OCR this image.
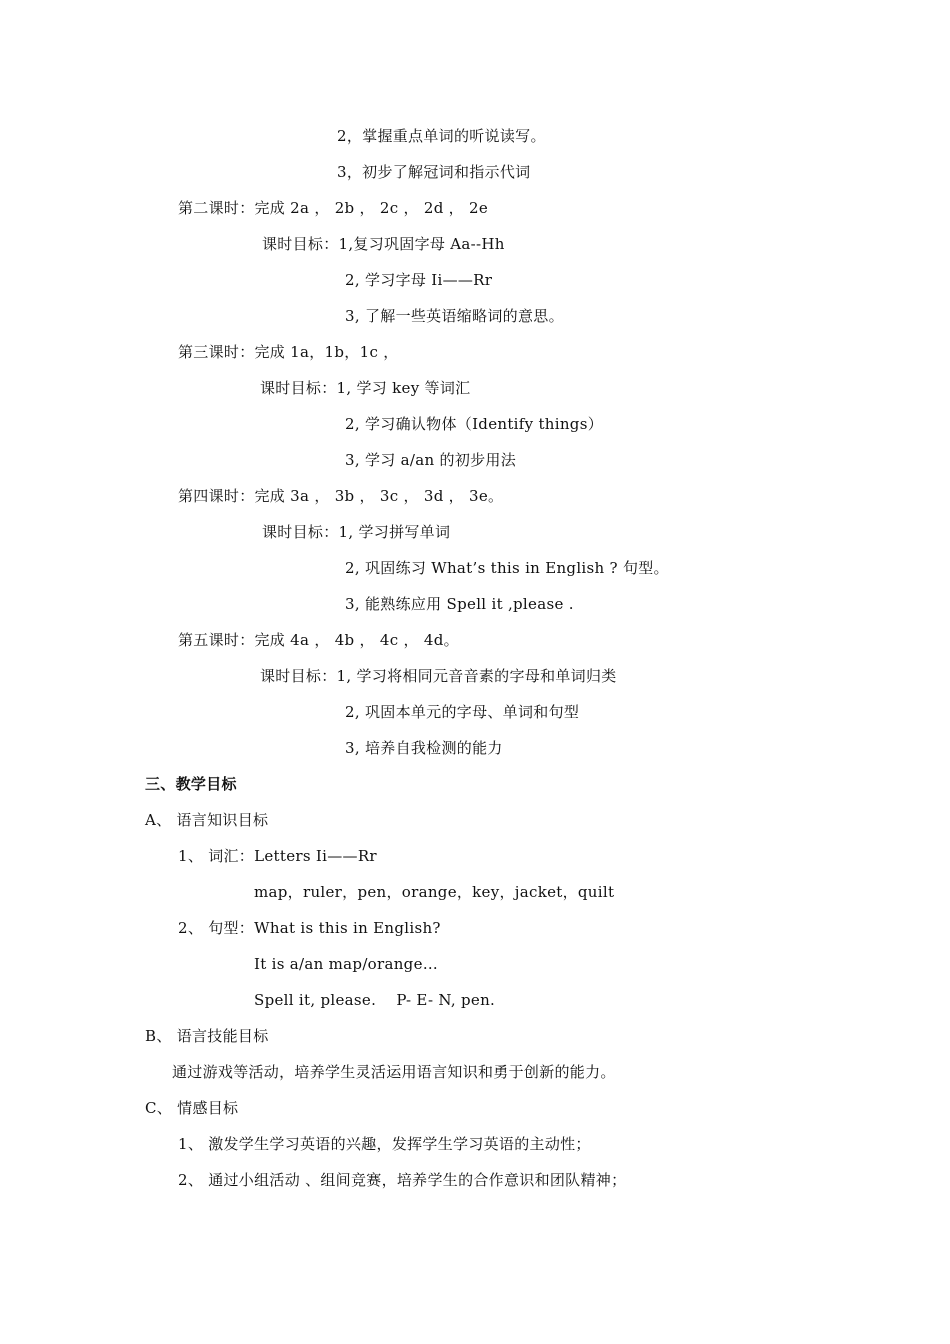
2，掌握重点单词的听说读写。
3，初步了解冠词和指示代词
第二课时：完成 2a ， 2b ， 2c ， 2d ， 2e
课时目标：1,复习巩固字母 Aa--Hh
2, 学习字母 Ii——Rr
3, 了解一些英语缩略词的意思。
第三课时：完成 1a，1b，1c ，
课时目标：1, 学习 key 等词汇
2, 学习确认物体（Identify things）
3, 学习 a/an 的初步用法
第四课时：完成 3a ， 3b ， 3c ， 3d ， 3e。
课时目标：1, 学习拼写单词
2, 巩固练习 What’s this in English ? 句型。
3, 能熟练应用 Spell it ,please .
第五课时：完成 4a ， 4b ， 4c ， 4d。
课时目标：1, 学习将相同元音音素的字母和单词归类
2, 巩固本单元的字母、单词和句型
3, 培养自我检测的能力
三、教学目标
A、 语言知识目标
1、 词汇：Letters Ii——Rr
map，ruler，pen，orange，key，jacket，quilt
2、 句型：What is this in English?
It is a/an map/orange…
Spell it, please.    P- E- N, pen.
B、 语言技能目标
通过游戏等活动，培养学生灵活运用语言知识和勇于创新的能力。
C、 情感目标
1、 激发学生学习英语的兴趣，发挥学生学习英语的主动性；
2、 通过小组活动 、组间竞赛，培养学生的合作意识和团队精神；
